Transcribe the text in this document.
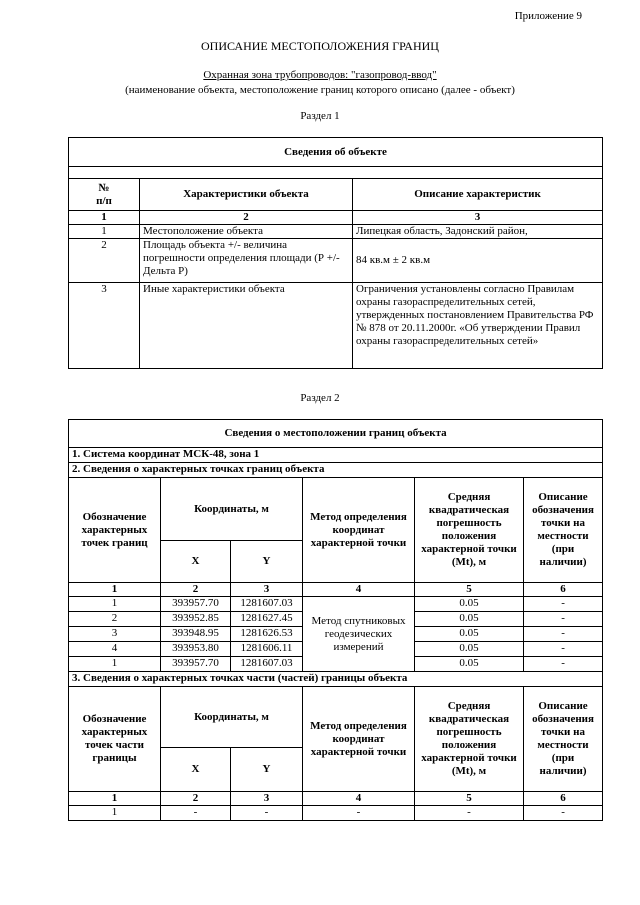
Приложение 9
ОПИСАНИЕ МЕСТОПОЛОЖЕНИЯ ГРАНИЦ
Охранная зона трубопроводов: "газопровод-ввод"
(наименование объекта, местоположение границ которого описано (далее - объект)
Раздел 1
Сведения об объекте		

№
п/п	Характеристики объекта	Описание характеристик
1	2	3
1	Местоположение объекта	Липецкая область, Задонский район,
2	Площадь объекта +/- величина погрешности определения площади (Р +/- Дельта Р)	84 кв.м ± 2 кв.м
3	Иные характеристики объекта	Ограничения установлены согласно Правилам охраны газораспределительных сетей, утвержденных постановлением Правительства РФ № 878 от 20.11.2000г. «Об утверждении Правил охраны газораспределительных сетей»
Раздел 2
Сведения о местоположении границ объекта					
1. Система координат МСК-48, зона 1					
2. Сведения о характерных точках границ объекта					
Обозначение характерных точек границ	Координаты, м		Метод определения координат характерной точки	Средняя квадратическая погрешность положения характерной точки (Mt), м	Описание обозначения точки на местности (при наличии)
	X	Y			
1	2	3	4	5	6
1	393957.70	1281607.03	Метод спутниковых геодезических измерений	0.05	-
2	393952.85	1281627.45		0.05	-
3	393948.95	1281626.53		0.05	-
4	393953.80	1281606.11		0.05	-
1	393957.70	1281607.03		0.05	-
3. Сведения о характерных точках части (частей) границы объекта					
Обозначение характерных точек части границы	Координаты, м		Метод определения координат характерной точки	Средняя квадратическая погрешность положения характерной точки (Mt), м	Описание обозначения точки на местности (при наличии)
	X	Y			
1	2	3	4	5	6
1	-	-	-	-	-
